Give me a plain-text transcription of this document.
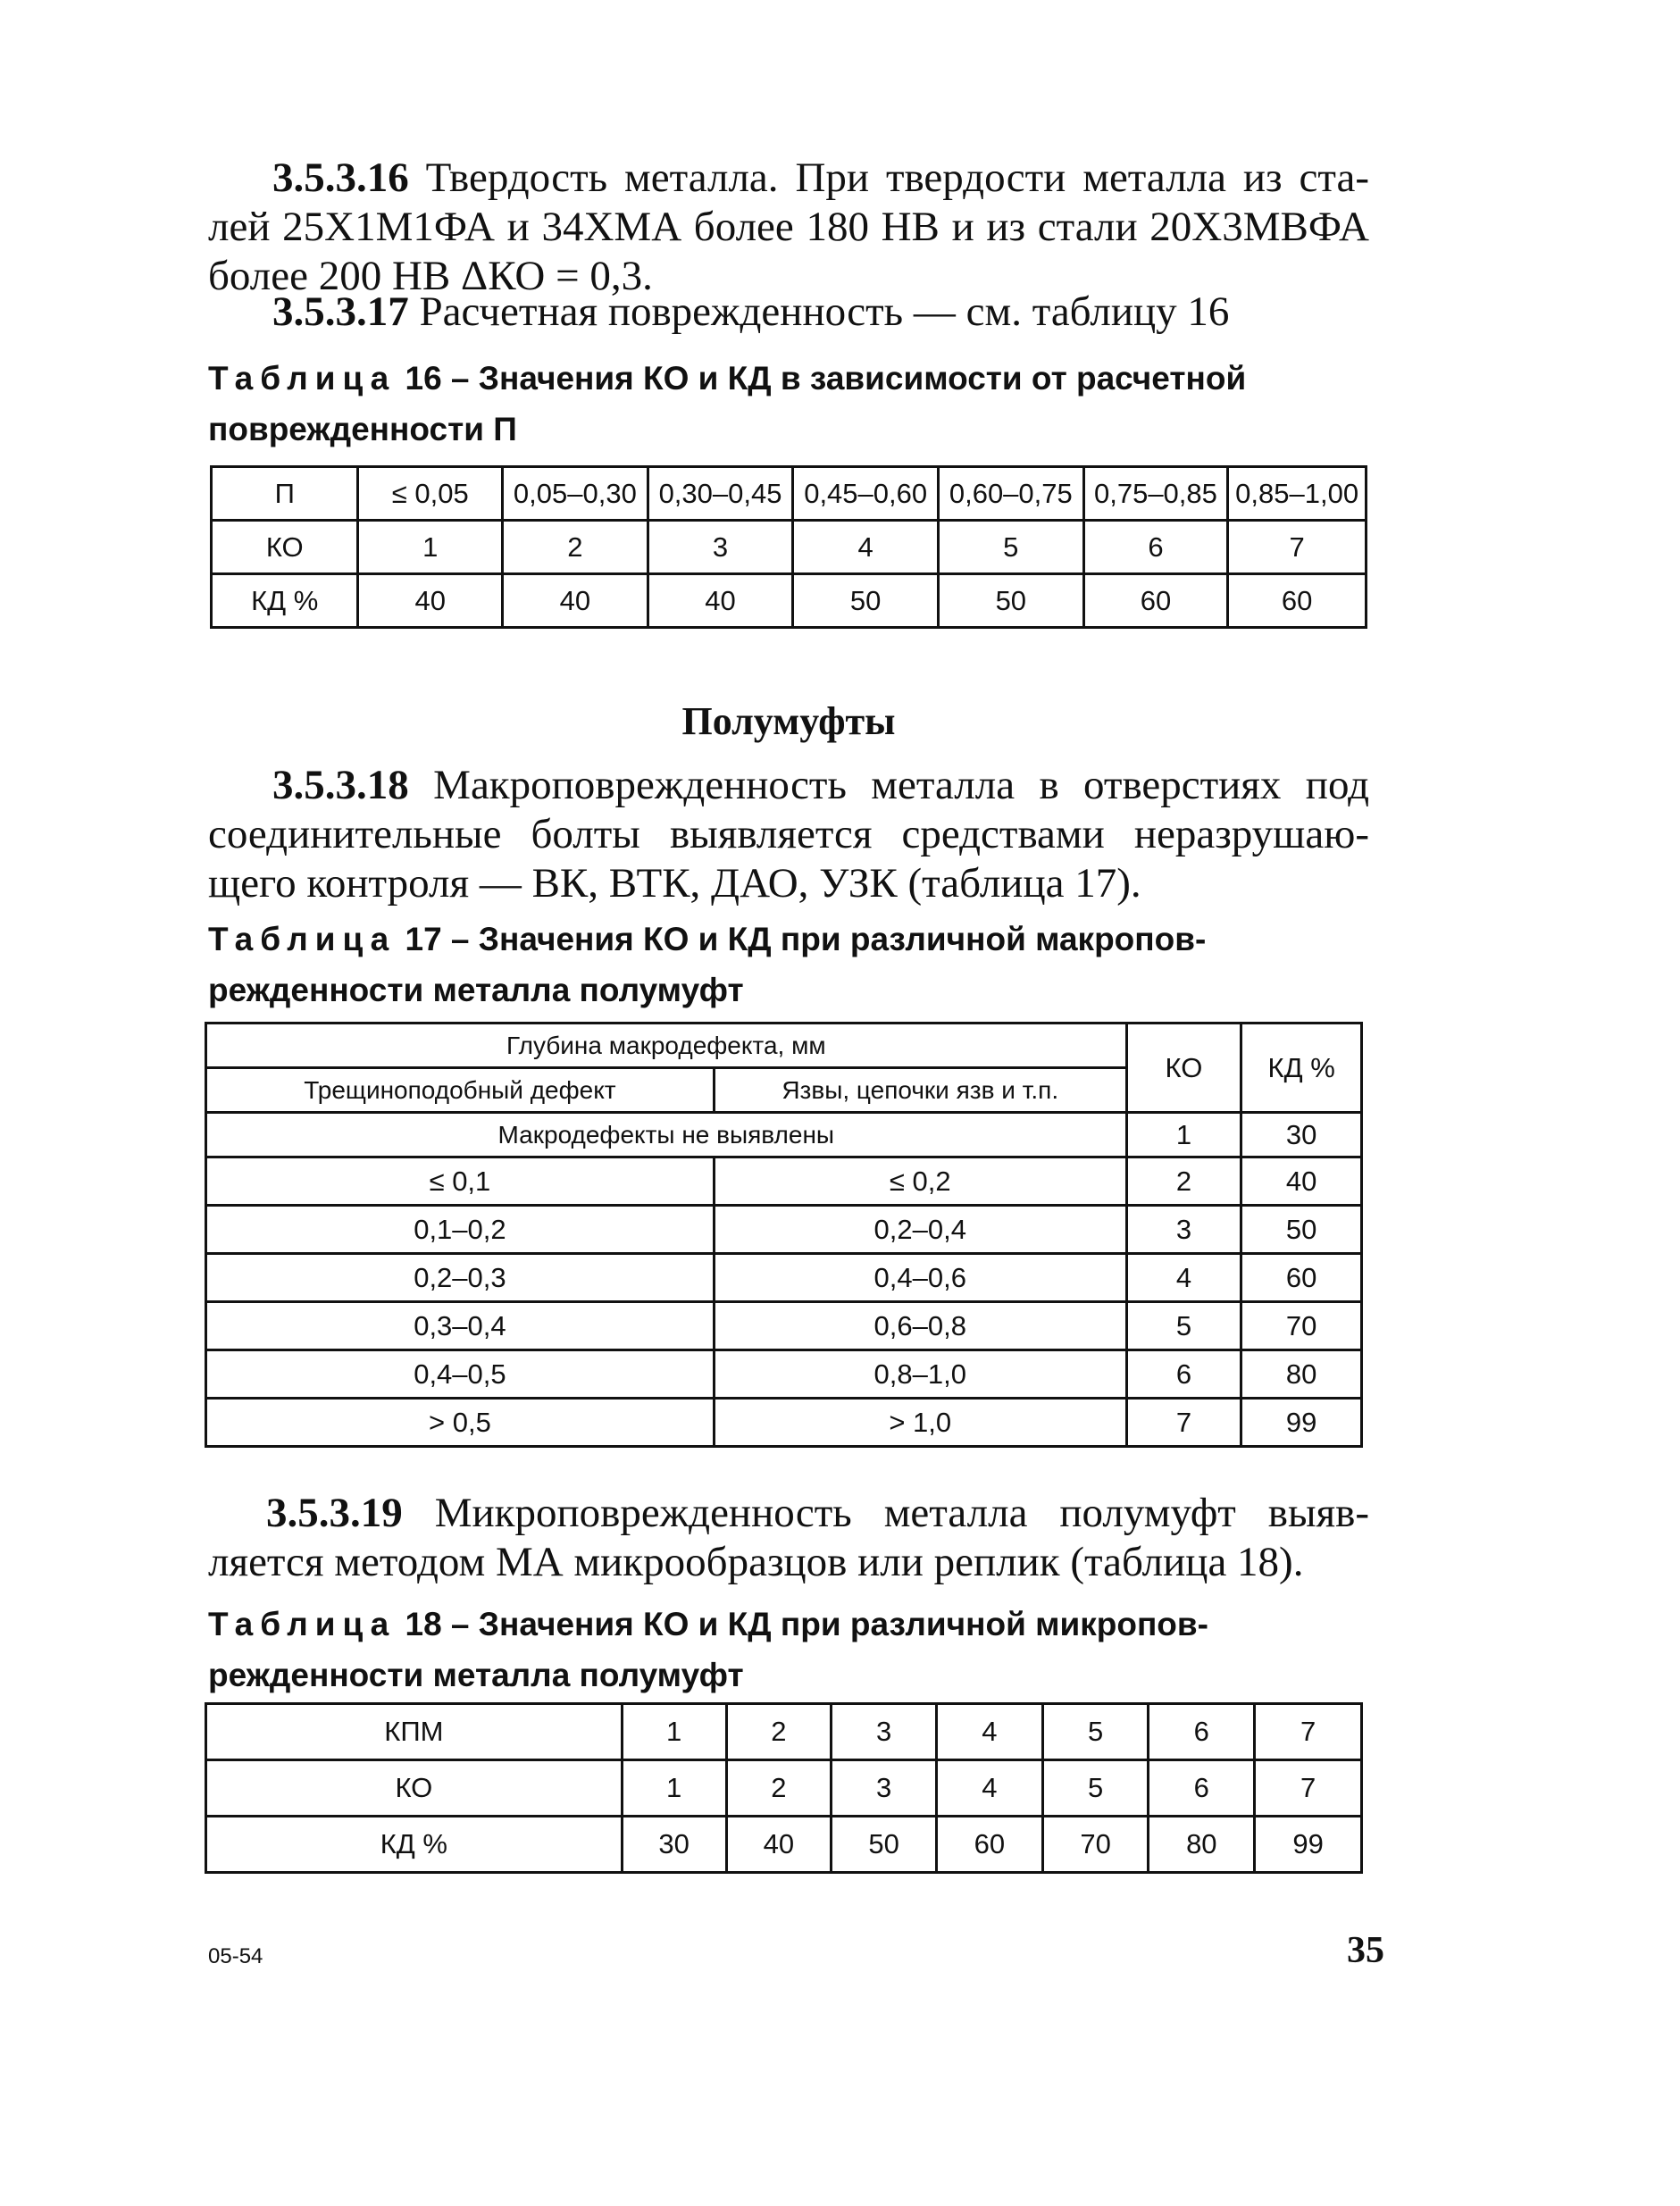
3.5.3.16 Твердость металла. При твердости металла из ста-лей 25Х1М1ФА и 34ХМА более 180 НВ и из стали 20Х3МВФА более 200 НВ ΔКО = 0,3.
3.5.3.17 Расчетная поврежденность — см. таблицу 16
Таблица 16 – Значения КО и КД в зависимости от расчетной поврежденности П
П	≤ 0,05	0,05–0,30	0,30–0,45	0,45–0,60	0,60–0,75	0,75–0,85	0,85–1,00
КО	1	2	3	4	5	6	7
КД %	40	40	40	50	50	60	60
Полумуфты
3.5.3.18 Макроповрежденность металла в отверстиях под соединительные болты выявляется средствами неразрушаю-щего контроля — ВК, ВТК, ДАО, УЗК (таблица 17).
Таблица 17 – Значения КО и КД при различной макропов-режденности металла полумуфт
Глубина макродефекта, мм		КО	КД %
Трещиноподобный дефект	Язвы, цепочки язв и т.п.		
Макродефекты не выявлены		1	30
≤ 0,1	≤ 0,2	2	40
0,1–0,2	0,2–0,4	3	50
0,2–0,3	0,4–0,6	4	60
0,3–0,4	0,6–0,8	5	70
0,4–0,5	0,8–1,0	6	80
> 0,5	> 1,0	7	99
3.5.3.19 Микроповрежденность металла полумуфт выяв-ляется методом МА микрообразцов или реплик (таблица 18).
Таблица 18 – Значения КО и КД при различной микропов-режденности металла полумуфт
КПМ	1	2	3	4	5	6	7
КО	1	2	3	4	5	6	7
КД %	30	40	50	60	70	80	99
05-54	35
